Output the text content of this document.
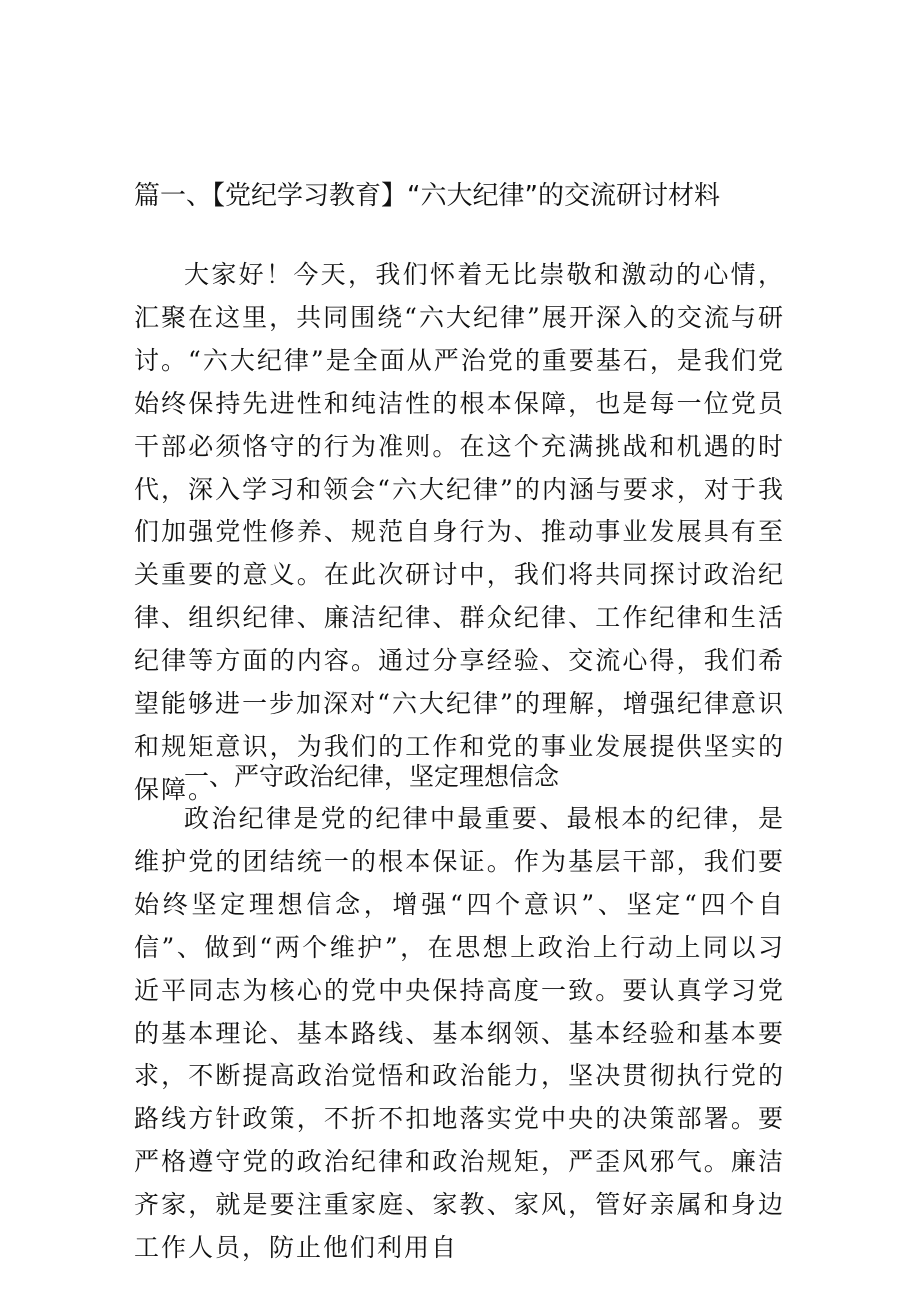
篇一、【党纪学习教育】“六大纪律”的交流研讨材料

大家好！今天，我们怀着无比崇敬和激动的心情，汇聚在这里，共同围绕“六大纪律”展开深入的交流与研讨。“六大纪律”是全面从严治党的重要基石，是我们党始终保持先进性和纯洁性的根本保障，也是每一位党员干部必须恪守的行为准则。在这个充满挑战和机遇的时代，深入学习和领会“六大纪律”的内涵与要求，对于我们加强党性修养、规范自身行为、推动事业发展具有至关重要的意义。在此次研讨中，我们将共同探讨政治纪律、组织纪律、廉洁纪律、群众纪律、工作纪律和生活纪律等方面的内容。通过分享经验、交流心得，我们希望能够进一步加深对“六大纪律”的理解，增强纪律意识和规矩意识，为我们的工作和党的事业发展提供坚实的保障。

一、严守政治纪律，坚定理想信念

政治纪律是党的纪律中最重要、最根本的纪律，是维护党的团结统一的根本保证。作为基层干部，我们要始终坚定理想信念，增强“四个意识”、坚定“四个自信”、做到“两个维护”，在思想上政治上行动上同以习近平同志为核心的党中央保持高度一致。要认真学习党的基本理论、基本路线、基本纲领、基本经验和基本要求，不断提高政治觉悟和政治能力，坚决贯彻执行党的路线方针政策，不折不扣地落实党中央的决策部署。要严格遵守党的政治纪律和政治规矩，严歪风邪气。廉洁齐家，就是要注重家庭、家教、家风，管好亲属和身边工作人员，防止他们利用自
